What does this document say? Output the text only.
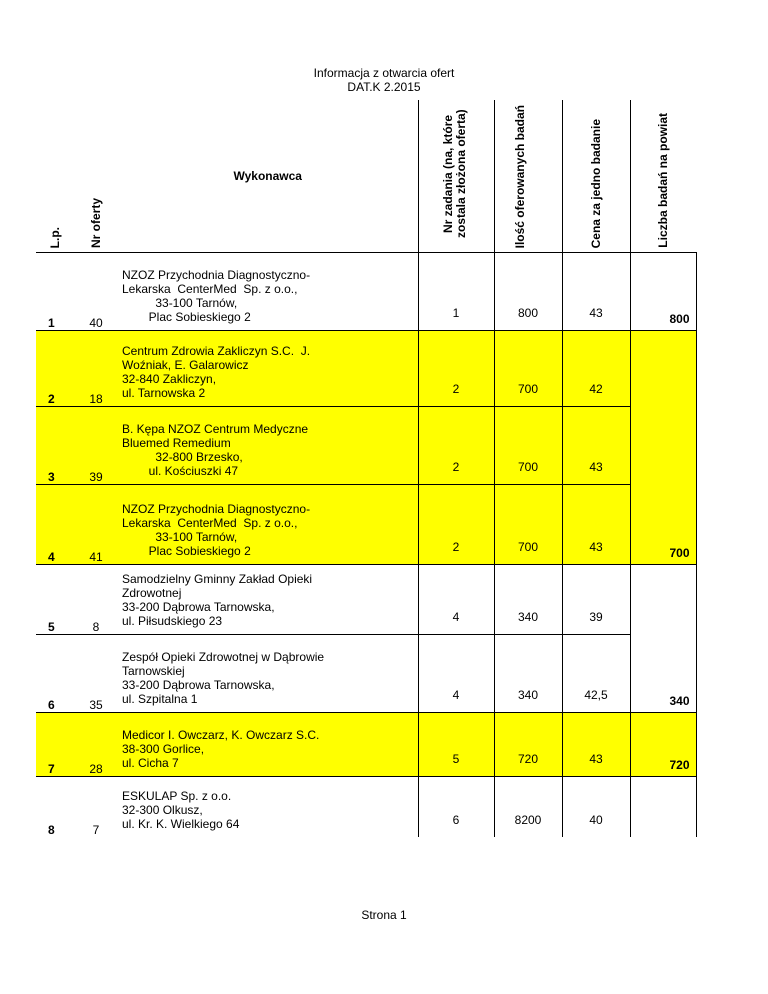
Informacja z otwarcia ofert
DAT.K 2.2015
L.p.	Nr oferty	Wykonawca	Nr zadania (na, które zostala złożona oferta)	Ilość oferowanych badań	Cena za jedno badanie	Liczba badań na powiat

1	40	NZOZ Przychodnia Diagnostyczno-
Lekarska  CenterMed  Sp. z o.o.,
33-100 Tarnów,
Plac Sobieskiego 2	1	800	43	800
2	18	Centrum Zdrowia Zakliczyn S.C.  J.
Woźniak, E. Galarowicz
32-840 Zakliczyn,
ul. Tarnowska 2	2	700	42	700
3	39	B. Kępa NZOZ Centrum Medyczne
Bluemed Remedium
32-800 Brzesko,
ul. Kościuszki 47	2	700	43	
4	41	NZOZ Przychodnia Diagnostyczno-
Lekarska  CenterMed  Sp. z o.o.,
33-100 Tarnów,
Plac Sobieskiego 2	2	700	43	
5	8	Samodzielny Gminny Zakład Opieki
Zdrowotnej
33-200 Dąbrowa Tarnowska,
ul. Piłsudskiego 23	4	340	39	340
6	35	Zespół Opieki Zdrowotnej w Dąbrowie
Tarnowskiej
33-200 Dąbrowa Tarnowska,
ul. Szpitalna 1	4	340	42,5	
7	28	Medicor I. Owczarz, K. Owczarz S.C.
38-300 Gorlice,
ul. Cicha 7	5	720	43	720
8	7	ESKULAP Sp. z o.o.
32-300 Olkusz,
ul. Kr. K. Wielkiego 64	6	8200	40	
Strona 1
